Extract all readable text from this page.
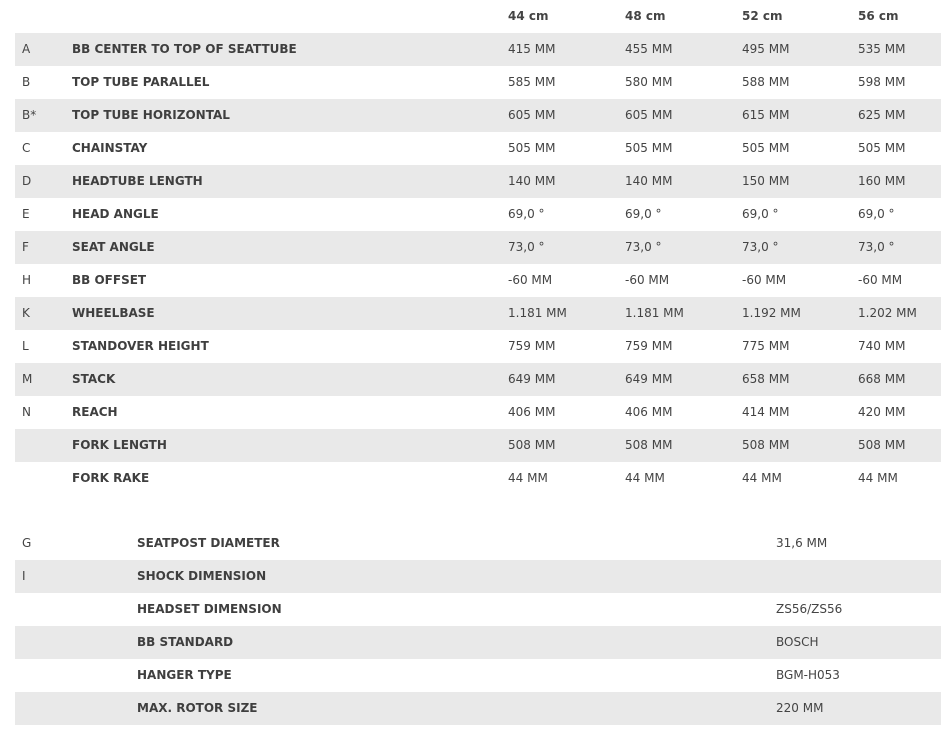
44 cm	48 cm	52 cm	56 cm
A	BB CENTER TO TOP OF SEATTUBE	415 MM	455 MM	495 MM	535 MM
B	TOP TUBE PARALLEL	585 MM	580 MM	588 MM	598 MM
B*	TOP TUBE HORIZONTAL	605 MM	605 MM	615 MM	625 MM
C	CHAINSTAY	505 MM	505 MM	505 MM	505 MM
D	HEADTUBE LENGTH	140 MM	140 MM	150 MM	160 MM
E	HEAD ANGLE	69,0 °	69,0 °	69,0 °	69,0 °
F	SEAT ANGLE	73,0 °	73,0 °	73,0 °	73,0 °
H	BB OFFSET	-60 MM	-60 MM	-60 MM	-60 MM
K	WHEELBASE	1.181 MM	1.181 MM	1.192 MM	1.202 MM
L	STANDOVER HEIGHT	759 MM	759 MM	775 MM	740 MM
M	STACK	649 MM	649 MM	658 MM	668 MM
N	REACH	406 MM	406 MM	414 MM	420 MM
FORK LENGTH	508 MM	508 MM	508 MM	508 MM
FORK RAKE	44 MM	44 MM	44 MM	44 MM
G	SEATPOST DIAMETER	31,6 MM
I	SHOCK DIMENSION
HEADSET DIMENSION	ZS56/ZS56
BB STANDARD	BOSCH
HANGER TYPE	BGM-H053
MAX. ROTOR SIZE	220 MM
